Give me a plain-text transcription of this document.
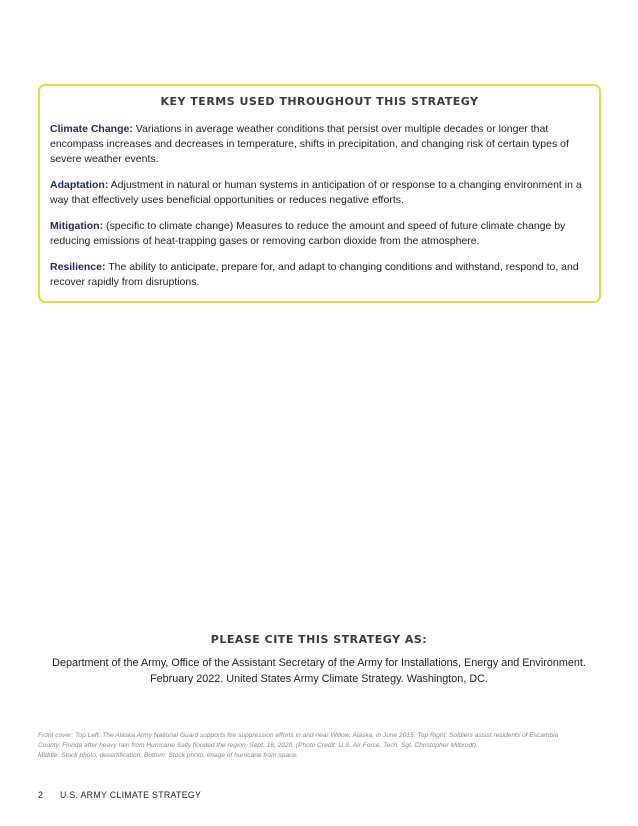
KEY TERMS USED THROUGHOUT THIS STRATEGY

Climate Change: Variations in average weather conditions that persist over multiple decades or longer that encompass increases and decreases in temperature, shifts in precipitation, and changing risk of certain types of severe weather events.

Adaptation: Adjustment in natural or human systems in anticipation of or response to a changing environment in a way that effectively uses beneficial opportunities or reduces negative efforts.

Mitigation: (specific to climate change) Measures to reduce the amount and speed of future climate change by reducing emissions of heat-trapping gases or removing carbon dioxide from the atmosphere.

Resilience: The ability to anticipate, prepare for, and adapt to changing conditions and withstand, respond to, and recover rapidly from disruptions.

PLEASE CITE THIS STRATEGY AS:
Department of the Army, Office of the Assistant Secretary of the Army for Installations, Energy and Environment.
February 2022. United States Army Climate Strategy. Washington, DC.
Front cover: Top Left: The Alaska Army National Guard supports fire suppression efforts in and near Willow, Alaska, in June 2015. Top Right: Soldiers assist residents of Escambia
County, Florida after heavy rain from Hurricane Sally flooded the region, Sept. 16, 2020. (Photo Credit: U.S. Air Force, Tech. Sgt. Christopher Milbrodt).
Middle: Stock photo, desertification. Bottom: Stock photo, image of hurricane from space.
2 U.S. ARMY CLIMATE STRATEGY
